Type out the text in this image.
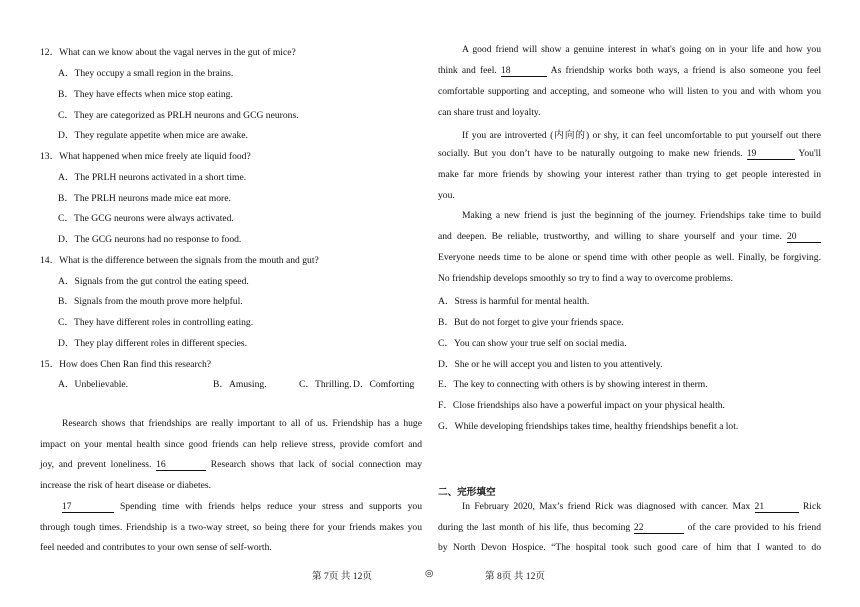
12．What can we know about the vagal nerves in the gut of mice?
A．They occupy a small region in the brains.
B．They have effects when mice stop eating.
C．They are categorized as PRLH neurons and GCG neurons.
D．They regulate appetite when mice are awake.
13．What happened when mice freely ate liquid food?
A．The PRLH neurons activated in a short time.
B．The PRLH neurons made mice eat more.
C．The GCG neurons were always activated.
D．The GCG neurons had no response to food.
14．What is the difference between the signals from the mouth and gut?
A．Signals from the gut control the eating speed.
B．Signals from the mouth prove more helpful.
C．They have different roles in controlling eating.
D．They play different roles in different species.
15．How does Chen Ran find this research?
A．Unbelievable.	B．Amusing.	C．Thrilling. D．Comforting
Research shows that friendships are really important to all of us. Friendship has a huge
impact on your mental health since good friends can help relieve stress, provide comfort and
joy, and prevent loneliness. 16	Research shows that lack of social connection may
increase the risk of heart disease or diabetes.
17	Spending time with friends helps reduce your stress and supports you
through tough times. Friendship is a two-way street, so being there for your friends makes you
feel needed and contributes to your own sense of self-worth.
A good friend will show a genuine interest in what's going on in your life and how you
think and feel. 18	As friendship works both ways, a friend is also someone you feel
comfortable supporting and accepting, and someone who will listen to you and with whom you
can share trust and loyalty.
If you are introverted (内向的) or shy, it can feel uncomfortable to put yourself out there
socially. But you don’t have to be naturally outgoing to make new friends. 19	You'll
make far more friends by showing your interest rather than trying to get people interested in
you.
Making a new friend is just the beginning of the journey. Friendships take time to build
and deepen. Be reliable, trustworthy, and willing to share yourself and your time. 20
Everyone needs time to be alone or spend time with other people as well. Finally, be forgiving.
No friendship develops smoothly so try to find a way to overcome problems.
A．Stress is harmful for mental health.
B．But do not forget to give your friends space.
C．You can show your true self on social media.
D．She or he will accept you and listen to you attentively.
E．The key to connecting with others is by showing interest in therm.
F．Close friendships also have a powerful impact on your physical health.
G．While developing friendships takes time, healthy friendships benefit a lot.
二、完形填空
In February 2020, Max’s friend Rick was diagnosed with cancer. Max 21	Rick
during the last month of his life, thus becoming 22	of the care provided to his friend
by North Devon Hospice. “The hospital took such good care of him that I wanted to do
第 7页 共 12页	◎	第 8页 共 12页
